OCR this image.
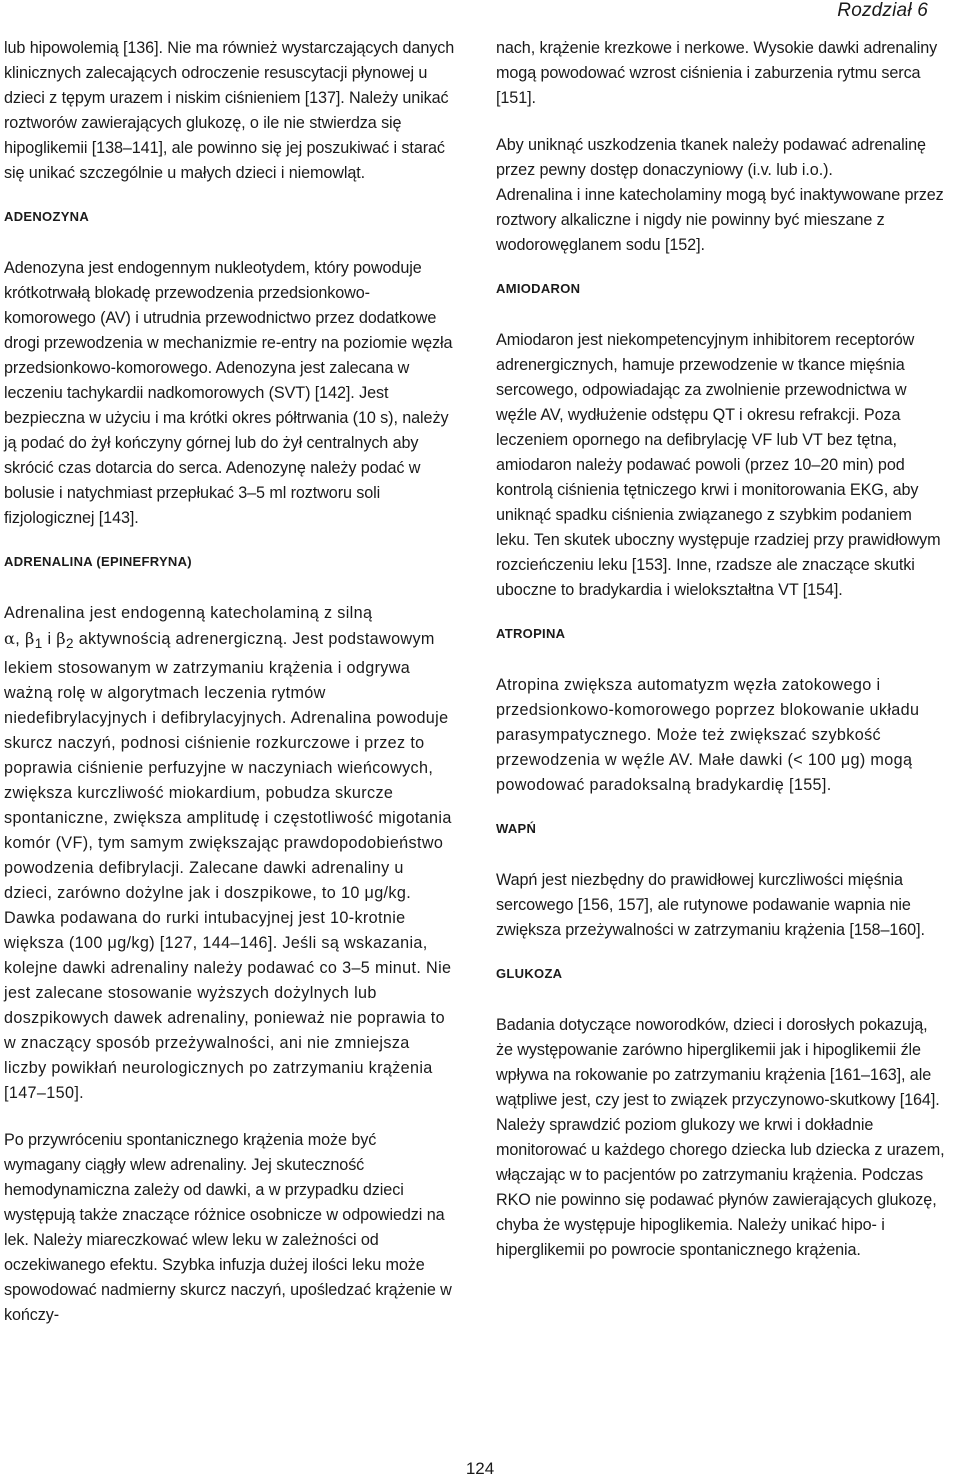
Rozdział 6

lub hipowolemią [136]. Nie ma również wystarczających danych klinicznych zalecających odroczenie resuscytacji płynowej u dzieci z tępym urazem i niskim ciśnieniem [137]. Należy unikać roztworów zawierających glukozę, o ile nie stwierdza się hipoglikemii [138–141], ale powinno się jej poszukiwać i starać się unikać szczególnie u małych dzieci i niemowląt.

ADENOZYNA

Adenozyna jest endogennym nukleotydem, który powoduje krótkotrwałą blokadę przewodzenia przedsionkowo-komorowego (AV) i utrudnia przewodnictwo przez dodatkowe drogi przewodzenia w mechanizmie re-entry na poziomie węzła przedsionkowo-komorowego. Adenozyna jest zalecana w leczeniu tachykardii nadkomorowych (SVT) [142]. Jest bezpieczna w użyciu i ma krótki okres półtrwania (10 s), należy ją podać do żył kończyny górnej lub do żył centralnych aby skrócić czas dotarcia do serca. Adenozynę należy podać w bolusie i natychmiast przepłukać 3–5 ml roztworu soli fizjologicznej [143].

ADRENALINA (EPINEFRYNA)

Adrenalina jest endogenną katecholaminą z silną
α, $\beta_1$ i $\beta_2$ aktywnością adrenergiczną. Jest podstawowym lekiem stosowanym w zatrzymaniu krążenia i odgrywa ważną rolę w algorytmach leczenia rytmów niedefibrylacyjnych i defibrylacyjnych. Adrenalina powoduje skurcz naczyń, podnosi ciśnienie rozkurczowe i przez to poprawia ciśnienie perfuzyjne w naczyniach wieńcowych, zwiększa kurczliwość miokardium, pobudza skurcze spontaniczne, zwiększa amplitudę i częstotliwość migotania komór (VF), tym samym zwiększając prawdopodobieństwo powodzenia defibrylacji. Zalecane dawki adrenaliny u dzieci, zarówno dożylne jak i doszpikowe, to 10 μg/kg. Dawka podawana do rurki intubacyjnej jest 10-krotnie większa (100 μg/kg) [127, 144–146]. Jeśli są wskazania, kolejne dawki adrenaliny należy podawać co 3–5 minut. Nie jest zalecane stosowanie wyższych dożylnych lub doszpikowych dawek adrenaliny, ponieważ nie poprawia to w znaczący sposób przeżywalności, ani nie zmniejsza liczby powikłań neurologicznych po zatrzymaniu krążenia [147–150].

Po przywróceniu spontanicznego krążenia może być wymagany ciągły wlew adrenaliny. Jej skuteczność hemodynamiczna zależy od dawki, a w przypadku dzieci występują także znaczące różnice osobnicze w odpowiedzi na lek. Należy miareczkować wlew leku w zależności od oczekiwanego efektu. Szybka infuzja dużej ilości leku może spowodować nadmierny skurcz naczyń, upośledzać krążenie w kończy-

nach, krążenie krezkowe i nerkowe. Wysokie dawki adrenaliny mogą powodować wzrost ciśnienia i zaburzenia rytmu serca [151].

Aby uniknąć uszkodzenia tkanek należy podawać adrenalinę przez pewny dostęp donaczyniowy (i.v. lub i.o.).

Adrenalina i inne katecholaminy mogą być inaktywowane przez roztwory alkaliczne i nigdy nie powinny być mieszane z wodorowęglanem sodu [152].

AMIODARON

Amiodaron jest niekompetencyjnym inhibitorem receptorów adrenergicznych, hamuje przewodzenie w tkance mięśnia sercowego, odpowiadając za zwolnienie przewodnictwa w węźle AV, wydłużenie odstępu QT i okresu refrakcji. Poza leczeniem opornego na defibrylację VF lub VT bez tętna, amiodaron należy podawać powoli (przez 10–20 min) pod kontrolą ciśnienia tętniczego krwi i monitorowania EKG, aby uniknąć spadku ciśnienia związanego z szybkim podaniem leku. Ten skutek uboczny występuje rzadziej przy prawidłowym rozcieńczeniu leku [153]. Inne, rzadsze ale znaczące skutki uboczne to bradykardia i wielokształtna VT [154].

ATROPINA

Atropina zwiększa automatyzm węzła zatokowego i przedsionkowo-komorowego poprzez blokowanie układu parasympatycznego. Może też zwiększać szybkość przewodzenia w węźle AV. Małe dawki (< 100 μg) mogą powodować paradoksalną bradykardię [155].

WAPŃ

Wapń jest niezbędny do prawidłowej kurczliwości mięśnia sercowego [156, 157], ale rutynowe podawanie wapnia nie zwiększa przeżywalności w zatrzymaniu krążenia [158–160].

GLUKOZA

Badania dotyczące noworodków, dzieci i dorosłych pokazują, że występowanie zarówno hiperglikemii jak i hipoglikemii źle wpływa na rokowanie po zatrzymaniu krążenia [161–163], ale wątpliwe jest, czy jest to związek przyczynowo-skutkowy [164]. Należy sprawdzić poziom glukozy we krwi i dokładnie monitorować u każdego chorego dziecka lub dziecka z urazem, włączając w to pacjentów po zatrzymaniu krążenia. Podczas RKO nie powinno się podawać płynów zawierających glukozę, chyba że występuje hipoglikemia. Należy unikać hipo- i hiperglikemii po powrocie spontanicznego krążenia.

124
